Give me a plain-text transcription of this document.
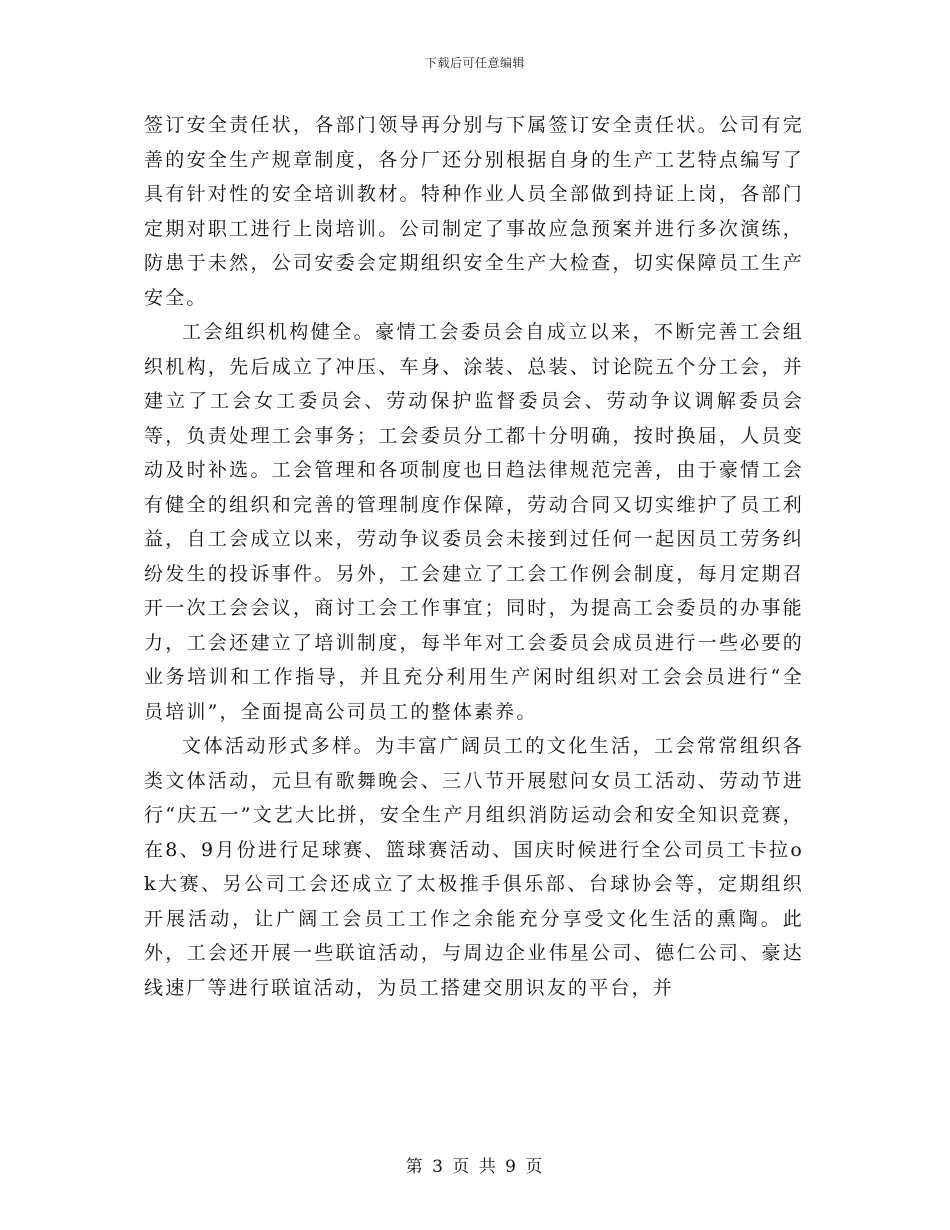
下载后可任意编辑

签订安全责任状，各部门领导再分别与下属签订安全责任状。公司有完善的安全生产规章制度，各分厂还分别根据自身的生产工艺特点编写了具有针对性的安全培训教材。特种作业人员全部做到持证上岗，各部门定期对职工进行上岗培训。公司制定了事故应急预案并进行多次演练，防患于未然，公司安委会定期组织安全生产大检查，切实保障员工生产安全。

工会组织机构健全。豪情工会委员会自成立以来，不断完善工会组织机构，先后成立了冲压、车身、涂装、总装、讨论院五个分工会，并建立了工会女工委员会、劳动保护监督委员会、劳动争议调解委员会等，负责处理工会事务；工会委员分工都十分明确，按时换届，人员变动及时补选。工会管理和各项制度也日趋法律规范完善，由于豪情工会有健全的组织和完善的管理制度作保障，劳动合同又切实维护了员工利益，自工会成立以来，劳动争议委员会未接到过任何一起因员工劳务纠纷发生的投诉事件。另外，工会建立了工会工作例会制度，每月定期召开一次工会会议，商讨工会工作事宜；同时，为提高工会委员的办事能力，工会还建立了培训制度，每半年对工会委员会成员进行一些必要的业务培训和工作指导，并且充分利用生产闲时组织对工会会员进行“全员培训”，全面提高公司员工的整体素养。

文体活动形式多样。为丰富广阔员工的文化生活，工会常常组织各类文体活动，元旦有歌舞晚会、三八节开展慰问女员工活动、劳动节进行“庆五一”文艺大比拼，安全生产月组织消防运动会和安全知识竞赛，在8、9月份进行足球赛、篮球赛活动、国庆时候进行全公司员工卡拉ok大赛、另公司工会还成立了太极推手俱乐部、台球协会等，定期组织开展活动，让广阔工会员工工作之余能充分享受文化生活的熏陶。此外，工会还开展一些联谊活动，与周边企业伟星公司、德仁公司、豪达线速厂等进行联谊活动，为员工搭建交朋识友的平台，并

第 3 页 共 9 页
